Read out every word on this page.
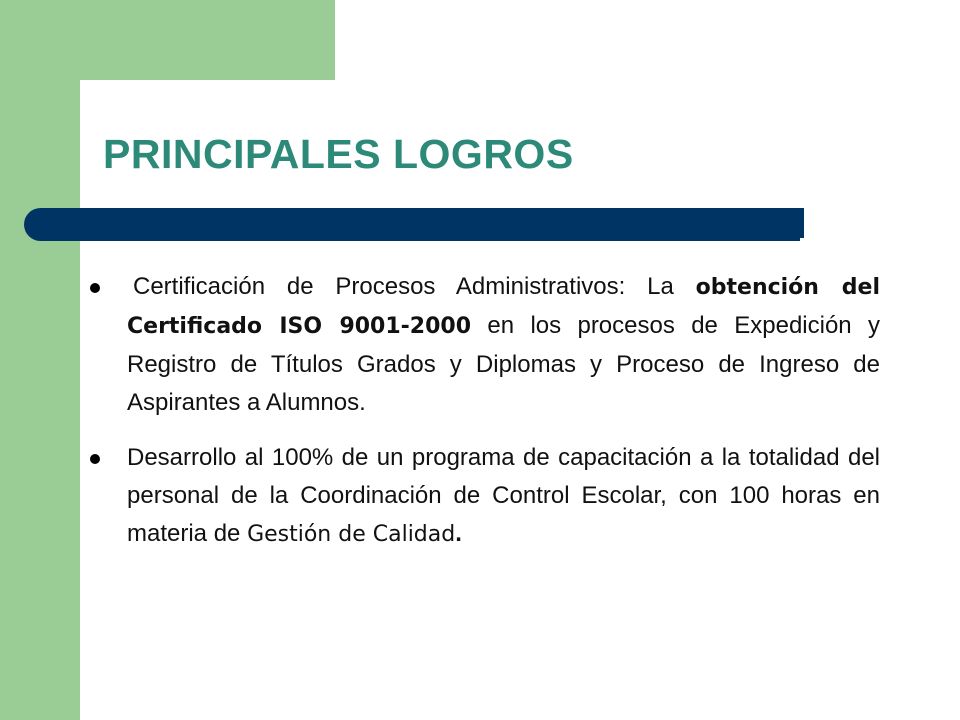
PRINCIPALES LOGROS
Certificación de Procesos Administrativos: La obtención del Certificado ISO 9001-2000 en los procesos de Expedición y Registro de Títulos Grados y Diplomas y Proceso de Ingreso de Aspirantes a Alumnos.
Desarrollo al 100% de un programa de capacitación a la totalidad del personal de la Coordinación de Control Escolar, con 100 horas en materia de Gestión de Calidad.
